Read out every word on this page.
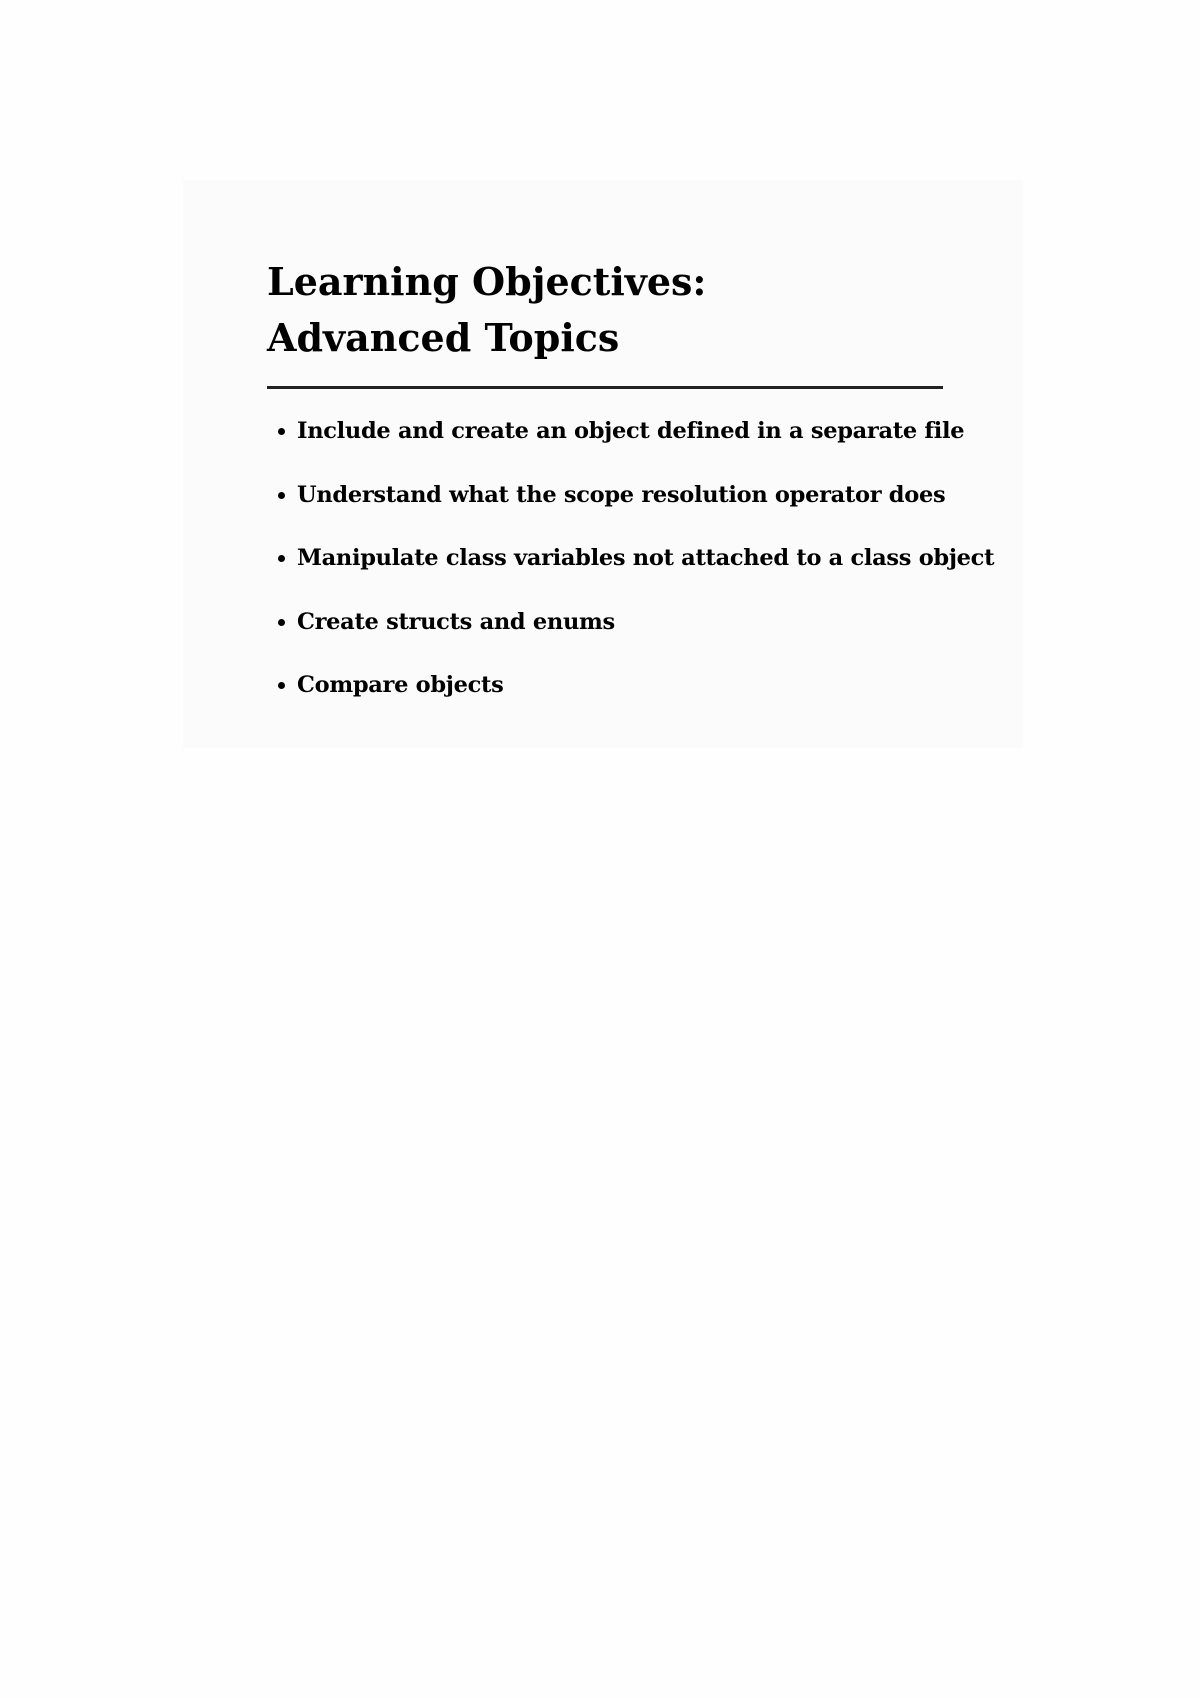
Learning Objectives: Advanced Topics
Include and create an object defined in a separate file
Understand what the scope resolution operator does
Manipulate class variables not attached to a class object
Create structs and enums
Compare objects
